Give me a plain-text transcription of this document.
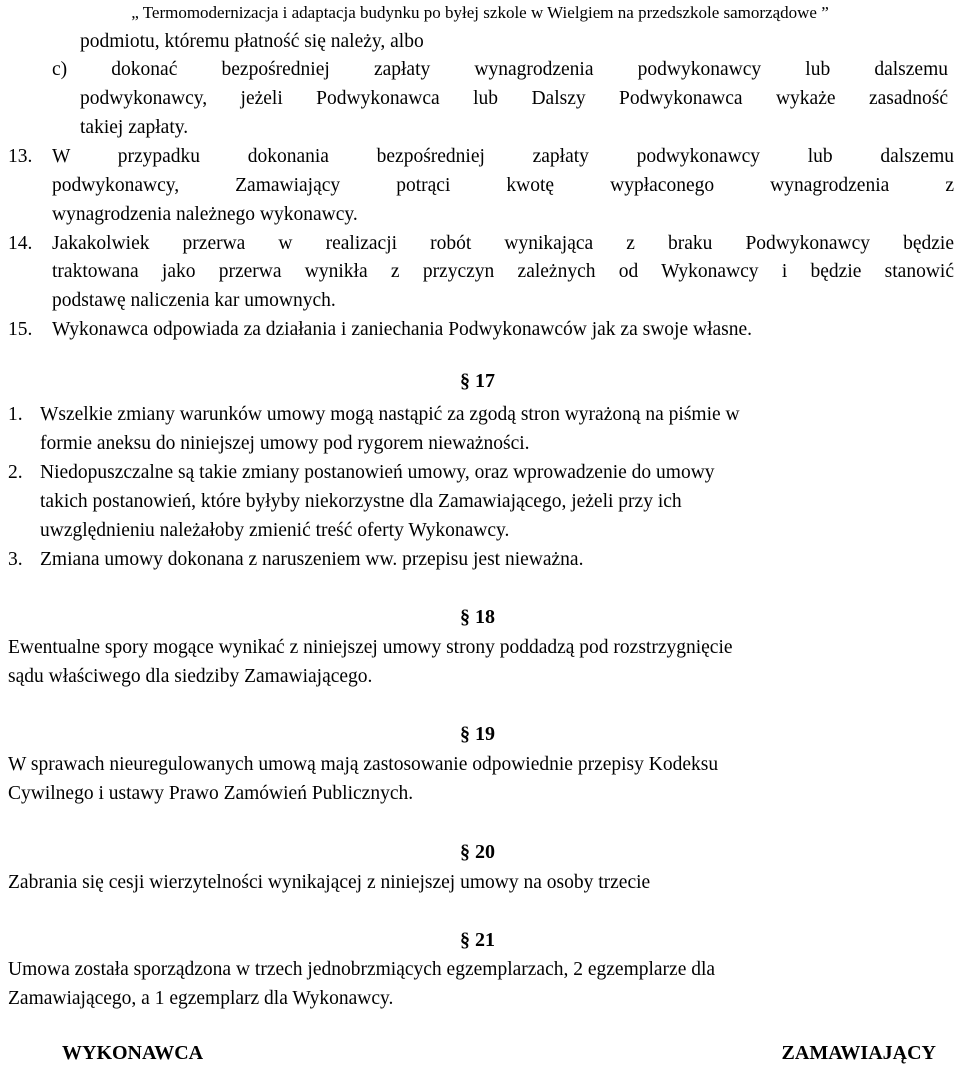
„ Termomodernizacja i adaptacja budynku po byłej szkole w Wielgiem na przedszkole samorządowe ”
podmiotu, któremu płatność się należy, albo
c) dokonać bezpośredniej zapłaty wynagrodzenia podwykonawcy lub dalszemu
podwykonawcy, jeżeli Podwykonawca lub Dalszy Podwykonawca wykaże zasadność
takiej zapłaty.
13. W przypadku dokonania bezpośredniej zapłaty podwykonawcy lub dalszemu
podwykonawcy, Zamawiający potrąci kwotę wypłaconego wynagrodzenia z
wynagrodzenia należnego wykonawcy.
14. Jakakolwiek przerwa w realizacji robót wynikająca z braku Podwykonawcy będzie
traktowana jako przerwa wynikła z przyczyn zależnych od Wykonawcy i będzie stanowić
podstawę naliczenia kar umownych.
15. Wykonawca odpowiada za działania i zaniechania Podwykonawców jak za swoje własne.
§ 17
1. Wszelkie zmiany warunków umowy mogą nastąpić za zgodą stron wyrażoną na piśmie w
formie aneksu do niniejszej umowy pod rygorem nieważności.
2. Niedopuszczalne są takie zmiany postanowień umowy, oraz wprowadzenie do umowy
takich postanowień, które byłyby niekorzystne dla Zamawiającego, jeżeli przy ich
uwzględnieniu należałoby zmienić treść oferty Wykonawcy.
3. Zmiana umowy dokonana z naruszeniem ww. przepisu jest nieważna.
§ 18
Ewentualne spory mogące wynikać z niniejszej umowy strony poddadzą pod rozstrzygnięcie
sądu właściwego dla siedziby Zamawiającego.
§ 19
W sprawach nieuregulowanych umową mają zastosowanie odpowiednie przepisy Kodeksu
Cywilnego i ustawy Prawo Zamówień Publicznych.
§ 20
Zabrania się cesji wierzytelności wynikającej z niniejszej umowy na osoby trzecie
§ 21
Umowa została sporządzona w trzech jednobrzmiących egzemplarzach, 2 egzemplarze dla
Zamawiającego, a 1 egzemplarz dla Wykonawcy.
WYKONAWCA	ZAMAWIAJĄCY
